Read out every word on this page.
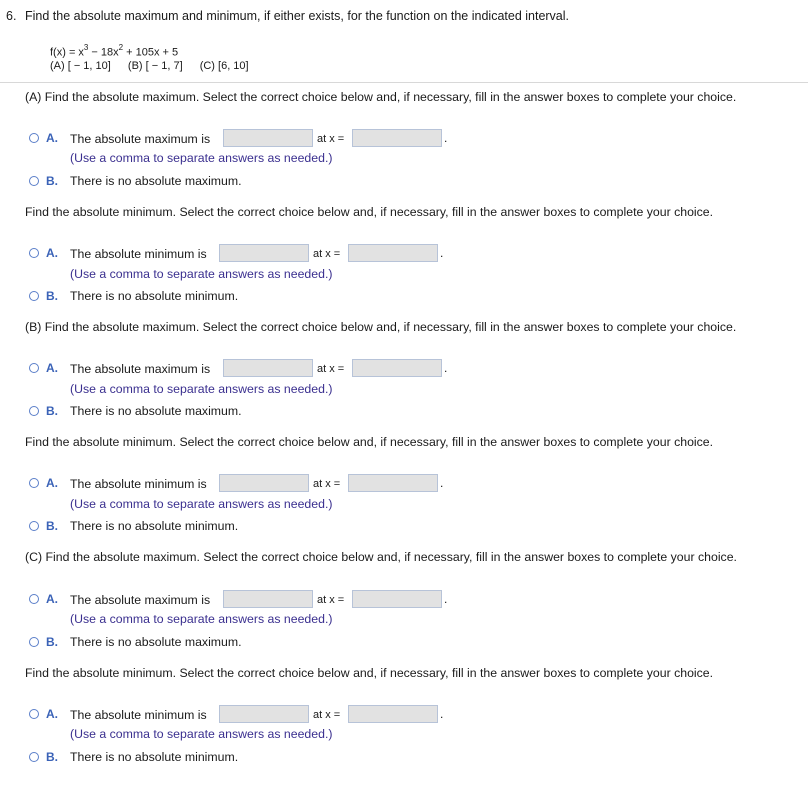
6. Find the absolute maximum and minimum, if either exists, for the function on the indicated interval.
$f(x) = x^3 - 18x^2 + 105x + 5$
(A) [ − 1, 10] (B) [ − 1, 7] (C) [6, 10]
(A) Find the absolute maximum. Select the correct choice below and, if necessary, fill in the answer boxes to complete your choice.
A. The absolute maximum is	at x =	.
(Use a comma to separate answers as needed.)
B. There is no absolute maximum.
Find the absolute minimum. Select the correct choice below and, if necessary, fill in the answer boxes to complete your choice.
A. The absolute minimum is	at x =	.
(Use a comma to separate answers as needed.)
B. There is no absolute minimum.
(B) Find the absolute maximum. Select the correct choice below and, if necessary, fill in the answer boxes to complete your choice.
A. The absolute maximum is	at x =	.
(Use a comma to separate answers as needed.)
B. There is no absolute maximum.
Find the absolute minimum. Select the correct choice below and, if necessary, fill in the answer boxes to complete your choice.
A. The absolute minimum is	at x =	.
(Use a comma to separate answers as needed.)
B. There is no absolute minimum.
(C) Find the absolute maximum. Select the correct choice below and, if necessary, fill in the answer boxes to complete your choice.
A. The absolute maximum is	at x =	.
(Use a comma to separate answers as needed.)
B. There is no absolute maximum.
Find the absolute minimum. Select the correct choice below and, if necessary, fill in the answer boxes to complete your choice.
A. The absolute minimum is	at x =	.
(Use a comma to separate answers as needed.)
B. There is no absolute minimum.
